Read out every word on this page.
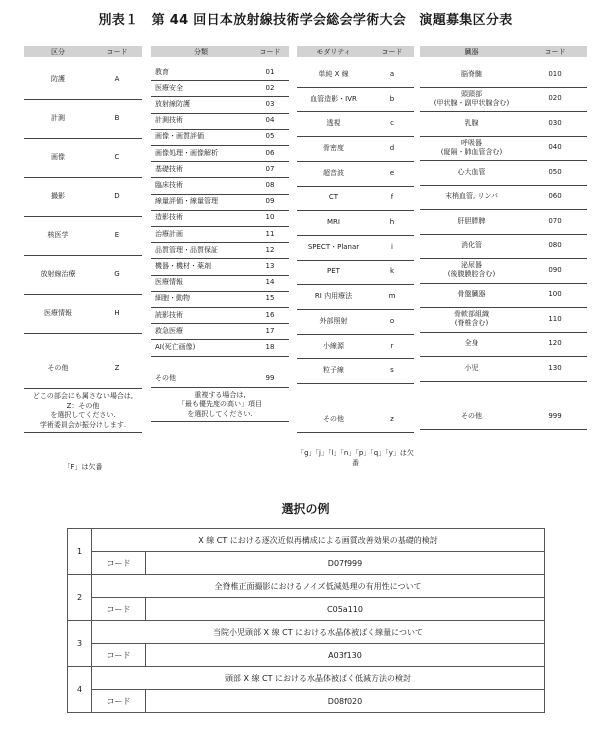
別表１　第 44 回日本放射線技術学会総会学術大会　演題募集区分表
区分	コード
防護	A
計測	B
画像	C
撮影	D
核医学	E
放射線治療	G
医療情報	H
その他	Z
どこの部会にも属さない場合は,
Z：その他
を選択してください.
学術委員会が振分けします.
「F」は欠番
分類	コード
教育	01
医療安全	02
放射線防護	03
計測技術	04
画像・画質評価	05
画像処理・画像解析	06
基礎技術	07
臨床技術	08
線量評価・線量管理	09
造影技術	10
治療計画	11
品質管理・品質保証	12
機器・機材・薬剤	13
医療情報	14
細胞・動物	15
読影技術	16
救急医療	17
AI(死亡画像)	18
その他	99
重複する場合は,
「最も優先度の高い」項目
を選択してください.
モダリティ	コード
単純 X 線	a
血管造影・IVR	b
透視	c
骨密度	d
超音波	e
CT	f
MRI	h
SPECT・Planar	i
PET	k
RI 内用療法	m
外部照射	o
小線源	r
粒子線	s
その他	z
「g」「j」「l」「n」「p」「q」「y」は欠番
臓器	コード
脳脊髄	010
頭頸部
(甲状腺・副甲状腺含む)
020
乳腺	030
呼吸器
(縦隔・肺血管含む)
040
心大血管	050
末梢血管, リンパ	060
肝胆膵脾	070
消化管	080
泌尿器
(後腹膜腔含む)
090
骨盤臓器	100
骨軟部組織
(脊椎含む)
110
全身	120
小児	130
その他	999
選択の例
1	X 線 CT における逐次近似再構成による画質改善効果の基礎的検討	
	コード	D07f999
2	全脊椎正面撮影におけるノイズ低減処理の有用性について	
	コード	C05a110
3	当院小児頭部 X 線 CT における水晶体被ばく線量について	
	コード	A03f130
4	頭部 X 線 CT における水晶体被ばく低減方法の検討	
	コード	D08f020
